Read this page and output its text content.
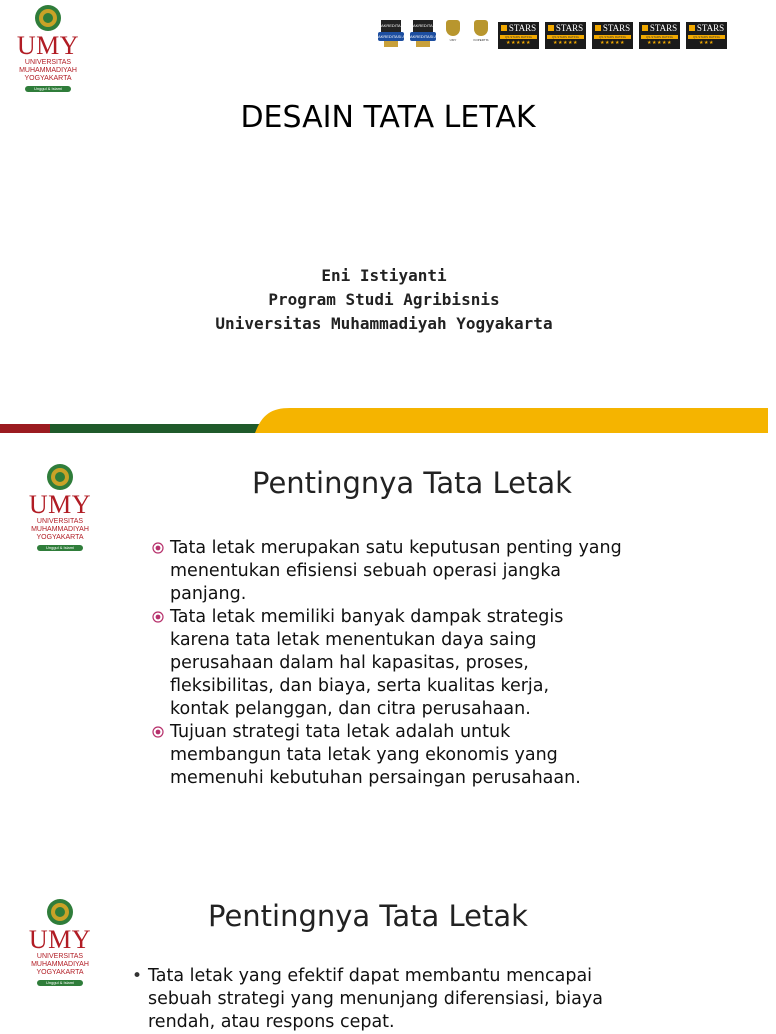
UMY
UNIVERSITAS
MUHAMMADIYAH
YOGYAKARTA
Unggul & Islami
AKREDITASI
AKREDITASI A
AKREDITASI
AKREDITASI A
UMY	KOPERTIS
STARS
QS STARS RATING
★★★★★
STARS
QS STARS RATING
★★★★★
STARS
QS STARS RATING
★★★★★
STARS
QS STARS RATING
★★★★★
STARS
QS STARS RATING
★★★
DESAIN TATA LETAK
Eni Istiyanti
Program Studi Agribisnis
Universitas Muhammadiyah Yogyakarta
UMY
UNIVERSITAS
MUHAMMADIYAH
YOGYAKARTA
Unggul & Islami
Pentingnya Tata Letak
Tata letak merupakan satu keputusan penting yang
menentukan efisiensi sebuah operasi jangka
panjang.
Tata letak memiliki banyak dampak strategis
karena tata letak menentukan daya saing
perusahaan dalam hal kapasitas, proses,
fleksibilitas, dan biaya, serta kualitas kerja,
kontak pelanggan, dan citra perusahaan.
Tujuan strategi tata letak adalah untuk
membangun tata letak yang ekonomis yang
memenuhi kebutuhan persaingan perusahaan.
UMY
UNIVERSITAS
MUHAMMADIYAH
YOGYAKARTA
Unggul & Islami
Pentingnya Tata Letak
• Tata letak yang efektif dapat membantu mencapai
sebuah strategi yang menunjang diferensiasi, biaya
rendah, atau respons cepat.
